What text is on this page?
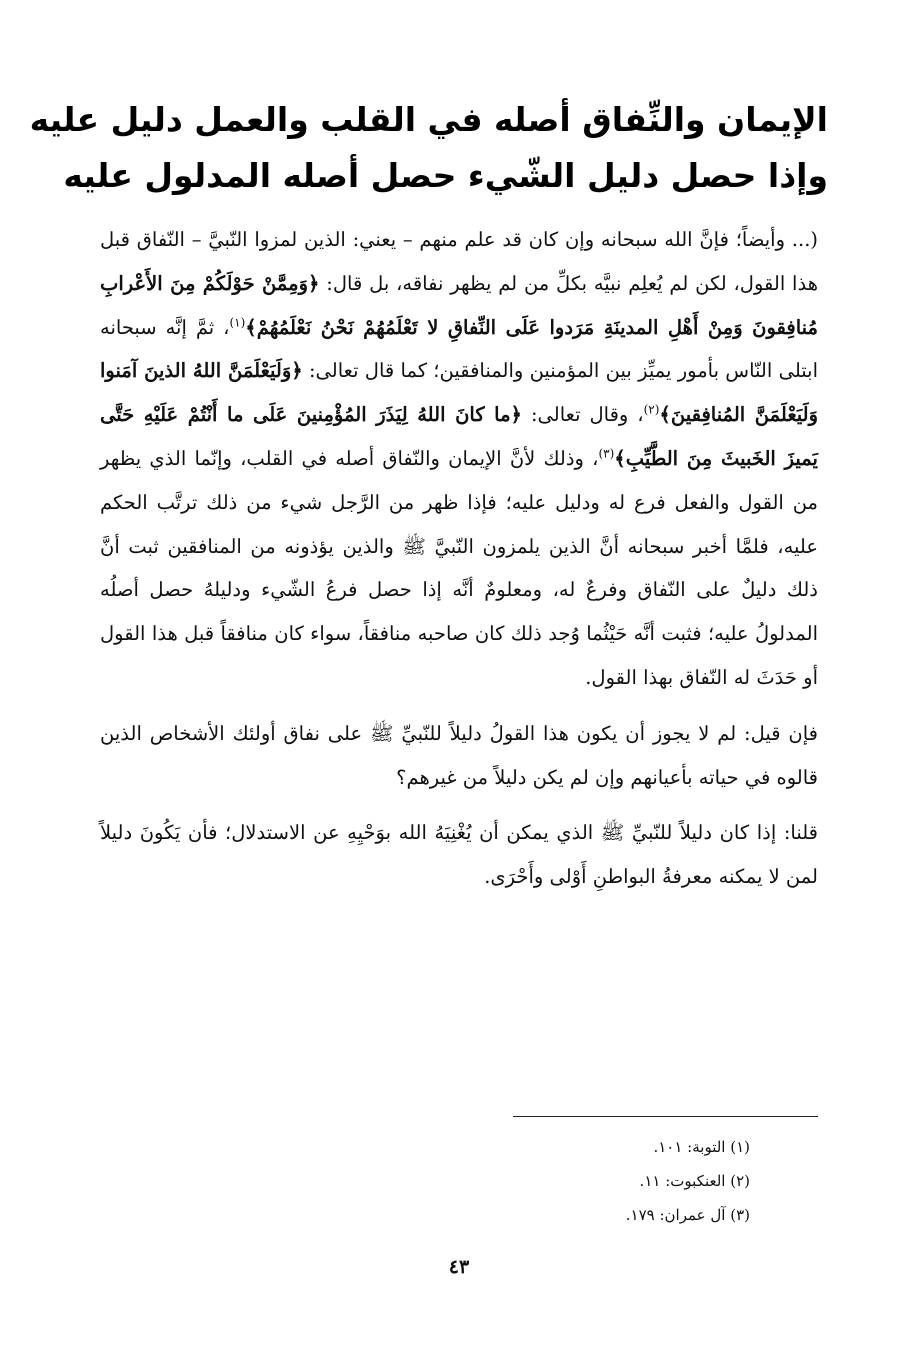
الإيمان والنِّفاق أصله في القلب والعمل دليل عليه
وإذا حصل دليل الشّيء حصل أصله المدلول عليه

(... وأيضاً؛ فإنَّ الله سبحانه وإن كان قد علم منهم – يعني: الذين لمزوا النّبيَّ – النّفاق قبل هذا القول، لكن لم يُعلِم نبيَّه بكلِّ من لم يظهر نفاقه، بل قال: ﴿وَمِمَّنْ حَوْلَكُمْ مِنَ الأَعْرابِ مُنافِقونَ وَمِنْ أَهْلِ المدينَةِ مَرَدوا عَلَى النِّفاقِ لا تَعْلَمُهُمْ نَحْنُ نَعْلَمُهُمْ﴾$^{(١)}$، ثمَّ إنَّه سبحانه ابتلى النّاس بأمور يميِّز بين المؤمنين والمنافقين؛ كما قال تعالى: ﴿وَلَيَعْلَمَنَّ اللهُ الذينَ آمَنوا وَلَيَعْلَمَنَّ المُنافِقينَ﴾$^{(٢)}$، وقال تعالى: ﴿ما كانَ اللهُ لِيَذَرَ المُؤْمِنينَ عَلَى ما أَنْتُمْ عَلَيْهِ حَتَّى يَميزَ الخَبيثَ مِنَ الطَّيِّبِ﴾$^{(٣)}$، وذلك لأنَّ الإيمان والنّفاق أصله في القلب، وإنّما الذي يظهر من القول والفعل فرع له ودليل عليه؛ فإذا ظهر من الرَّجل شيء من ذلك ترتَّب الحكم عليه، فلمَّا أخبر سبحانه أنَّ الذين يلمزون النّبيَّ ﷺ والذين يؤذونه من المنافقين ثبت أنَّ ذلك دليلٌ على النّفاق وفرعٌ له، ومعلومٌ أنَّه إذا حصل فرعُ الشّيء ودليلهُ حصل أصلُه المدلولُ عليه؛ فثبت أنَّه حَيْثُما وُجد ذلك كان صاحبه منافقاً، سواء كان منافقاً قبل هذا القول أو حَدَثَ له النّفاق بهذا القول.

فإن قيل: لم لا يجوز أن يكون هذا القولُ دليلاً للنّبيِّ ﷺ على نفاق أولئك الأشخاص الذين قالوه في حياته بأعيانهم وإن لم يكن دليلاً من غيرهم؟

قلنا: إذا كان دليلاً للنّبيِّ ﷺ الذي يمكن أن يُغْنِيَهُ الله بوَحْيِهِ عن الاستدلال؛ فأن يَكُونَ دليلاً لمن لا يمكنه معرفةُ البواطنِ أَوْلى وأَحْرَى.

(١) التوبة: ١٠١.
(٢) العنكبوت: ١١.
(٣) آل عمران: ١٧٩.
٤٣
